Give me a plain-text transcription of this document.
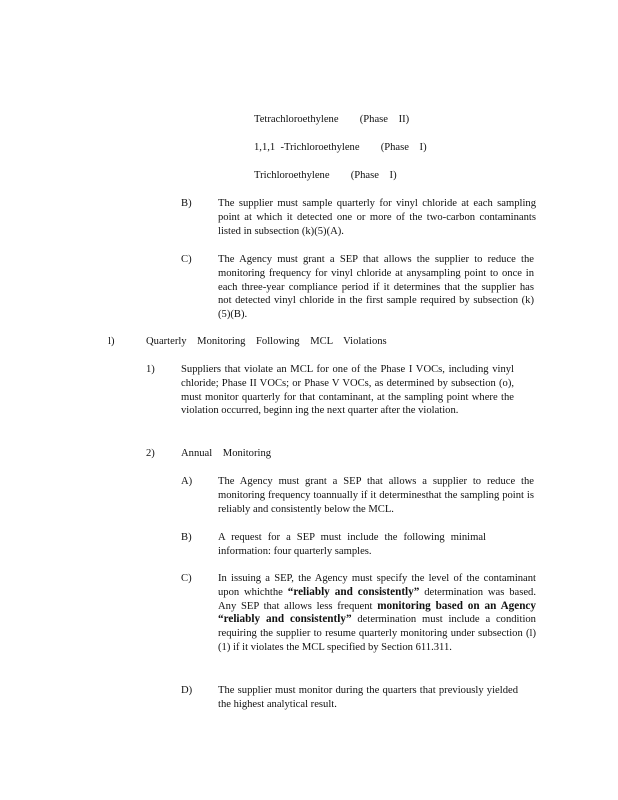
Tetrachloroethylene        (Phase    II)
1,1,1  -Trichloroethylene        (Phase    I)
Trichloroethylene        (Phase    I)
B) The supplier must sample quarterly for vinyl chloride at each sampling point at which it detected one or more of the two-carbon contaminants listed in subsection (k)(5)(A).
C) The Agency must grant a SEP that allows the supplier to reduce the monitoring frequency for vinyl chloride at anysampling point to once in each three-year compliance period if it determines that the supplier has not detected vinyl chloride in the first sample required by subsection (k)(5)(B).
l)	Quarterly    Monitoring    Following    MCL    Violations
1) Suppliers that violate an MCL for one of the Phase I VOCs, including vinyl chloride; Phase II VOCs; or Phase V VOCs, as determined by subsection (o), must monitor quarterly for that contaminant, at the sampling point where the violation occurred, beginn ing the next quarter after the violation.
2) Annual    Monitoring
A) The Agency must grant a SEP that allows a supplier to reduce the monitoring frequency toannually if it determinesthat the sampling point is reliably and consistently below the MCL.
B) A request for a SEP must include the following minimal information: four quarterly samples.
C) In issuing a SEP, the Agency must specify the level of the contaminant upon whichthe “reliably and consistently” determination was based. Any SEP that allows less frequent monitoring based on an Agency “reliably and consistently” determination must include a condition requiring the supplier to resume quarterly monitoring under subsection (l)(1) if it violates the MCL specified by Section 611.311.
D) The supplier must monitor during the quarters that previously yielded the highest analytical result.
